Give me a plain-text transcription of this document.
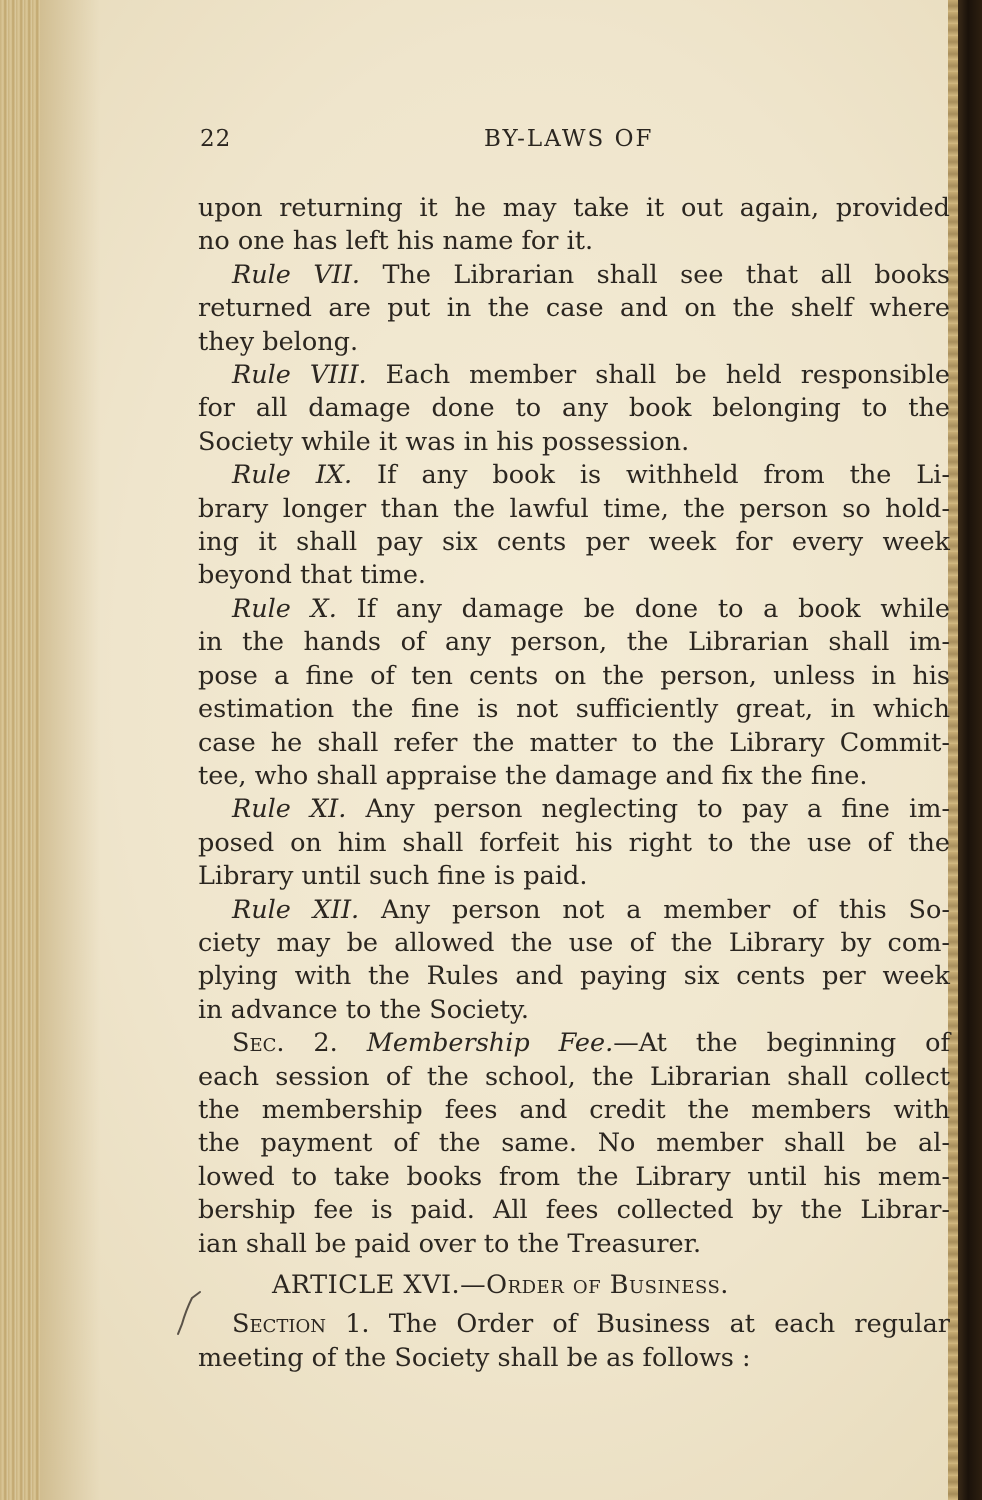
22	BY-LAWS OF
upon returning it he may take it out again, provided
no one has left his name for it.
Rule VII. The Librarian shall see that all books
returned are put in the case and on the shelf where
they belong.
Rule VIII. Each member shall be held responsible
for all damage done to any book belonging to the
Society while it was in his possession.
Rule IX. If any book is withheld from the Li-
brary longer than the lawful time, the person so hold-
ing it shall pay six cents per week for every week
beyond that time.
Rule X. If any damage be done to a book while
in the hands of any person, the Librarian shall im-
pose a fine of ten cents on the person, unless in his
estimation the fine is not sufficiently great, in which
case he shall refer the matter to the Library Commit-
tee, who shall appraise the damage and fix the fine.
Rule XI. Any person neglecting to pay a fine im-
posed on him shall forfeit his right to the use of the
Library until such fine is paid.
Rule XII. Any person not a member of this So-
ciety may be allowed the use of the Library by com-
plying with the Rules and paying six cents per week
in advance to the Society.
Sec. 2. Membership Fee.—At the beginning of
each session of the school, the Librarian shall collect
the membership fees and credit the members with
the payment of the same. No member shall be al-
lowed to take books from the Library until his mem-
bership fee is paid. All fees collected by the Librar-
ian shall be paid over to the Treasurer.
ARTICLE XVI.—Order of Business.
Section 1. The Order of Business at each regular
meeting of the Society shall be as follows :
